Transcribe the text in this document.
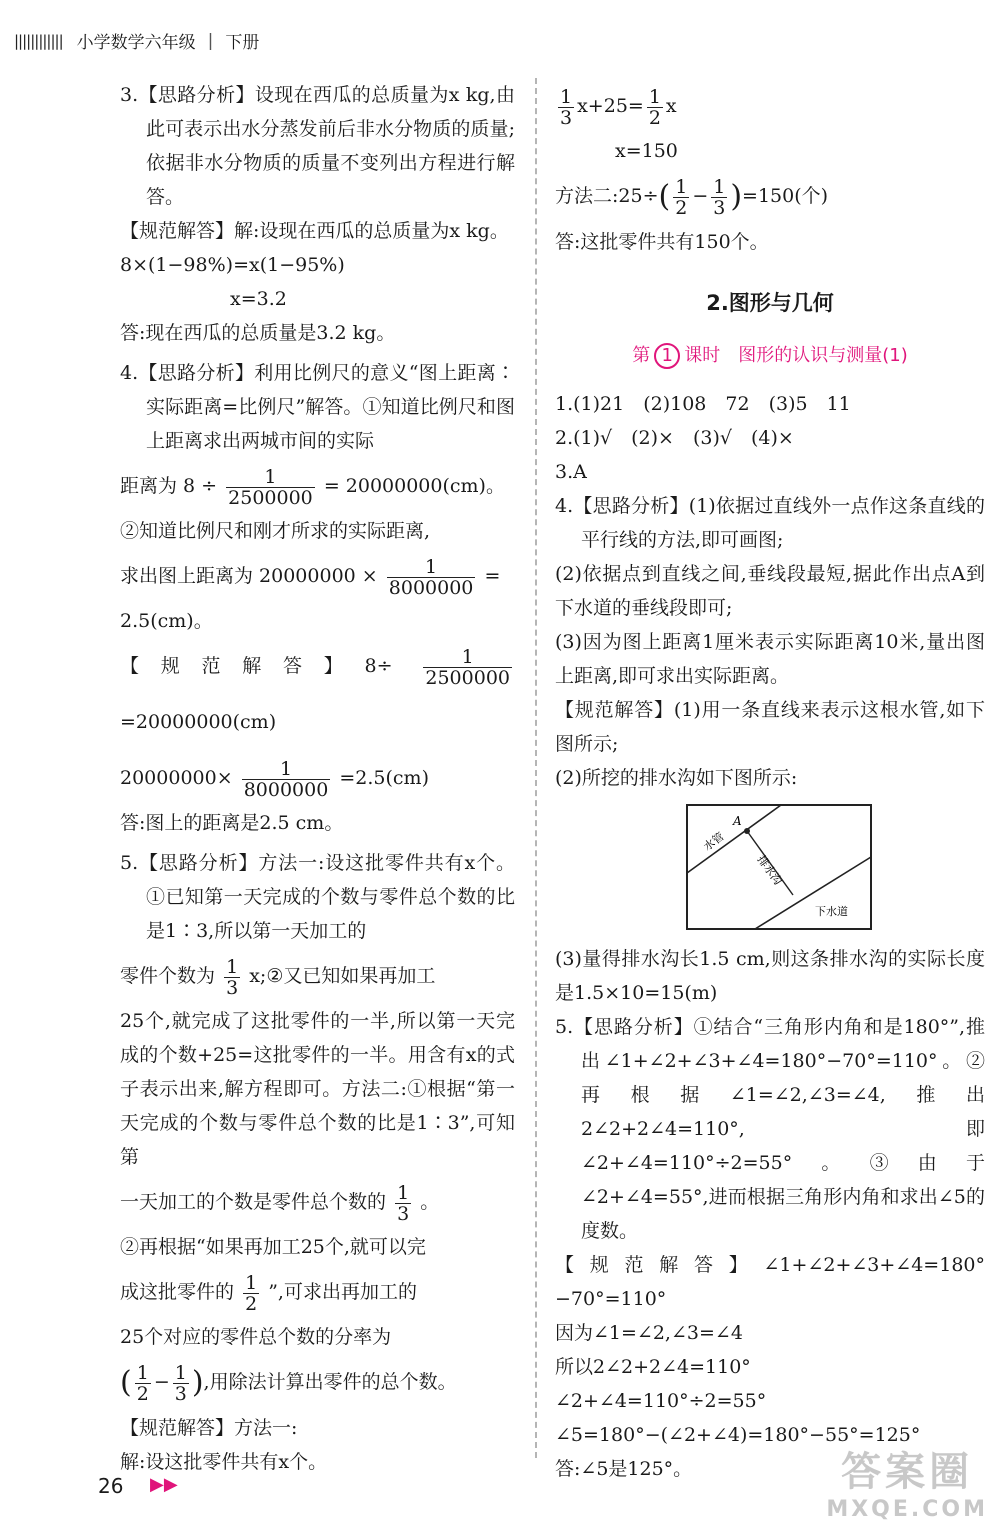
|||||||||||| 小学数学六年级 | 下册
3.【思路分析】设现在西瓜的总质量为x kg,由此可表示出水分蒸发前后非水分物质的质量;依据非水分物质的质量不变列出方程进行解答。
【规范解答】解:设现在西瓜的总质量为x kg。
8×(1−98%)=x(1−95%)
x=3.2
答:现在西瓜的总质量是3.2 kg。
4.【思路分析】利用比例尺的意义“图上距离∶实际距离=比例尺”解答。①知道比例尺和图上距离求出两城市间的实际
距离为 $8 \div \frac{1}{2500000} = 20000000(cm)$。
②知道比例尺和刚才所求的实际距离,
求出图上距离为 $20000000 \times \frac{1}{8000000}$ =
2.5(cm)。
【规范解答】$8\div \frac{1}{2500000}$
=20000000(cm)
$20000000\times \frac{1}{8000000} =2.5(cm)$
答:图上的距离是2.5 cm。
5.【思路分析】方法一:设这批零件共有x个。①已知第一天完成的个数与零件总个数的比是1∶3,所以第一天加工的
零件个数为 $\frac{1}{3}$ x;②又已知如果再加工
25个,就完成了这批零件的一半,所以第一天完成的个数+25=这批零件的一半。用含有x的式子表示出来,解方程即可。方法二:①根据“第一天完成的个数与零件总个数的比是1∶3”,可知第
一天加工的个数是零件总个数的 $\frac{1}{3}$ 。
②再根据“如果再加工25个,就可以完
成这批零件的 $\frac{1}{2}$ ”,可求出再加工的
25个对应的零件总个数的分率为
( $\frac{1}{2} - \frac{1}{3}$ ),用除法计算出零件的总个数。
【规范解答】方法一:
解:设这批零件共有x个。
$\frac{1}{3} x+25= \frac{1}{2}$ x
x=150
方法二:25÷( $\frac{1}{2} - \frac{1}{3} )=150$(个)
答:这批零件共有150个。
2.图形与几何
第 1 课时　图形的认识与测量(1)
1.(1)21　(2)108　72　(3)5　11
2.(1)√　(2)×　(3)√　(4)×
3.A
4.【思路分析】(1)依据过直线外一点作这条直线的平行线的方法,即可画图;
(2)依据点到直线之间,垂线段最短,据此作出点A到下水道的垂线段即可;
(3)因为图上距离1厘米表示实际距离10米,量出图上距离,即可求出实际距离。
【规范解答】(1)用一条直线来表示这根水管,如下图所示;
(2)所挖的排水沟如下图所示:
水管
A
排水沟
下水道
(3)量得排水沟长1.5 cm,则这条排水沟的实际长度是1.5×10=15(m)
5.【思路分析】①结合“三角形内角和是180°”,推出∠1+∠2+∠3+∠4=180°−70°=110°。②再根据∠1=∠2,∠3=∠4,推出2∠2+2∠4=110°,即∠2+∠4=110°÷2=55°。③由于∠2+∠4=55°,进而根据三角形内角和求出∠5的度数。
【规范解答】∠1+∠2+∠3+∠4=180°−70°=110°
因为∠1=∠2,∠3=∠4
所以2∠2+2∠4=110°
∠2+∠4=110°÷2=55°
∠5=180°−(∠2+∠4)=180°−55°=125°
答:∠5是125°。
26 ▶▶	答案圈
MXQE.COM
